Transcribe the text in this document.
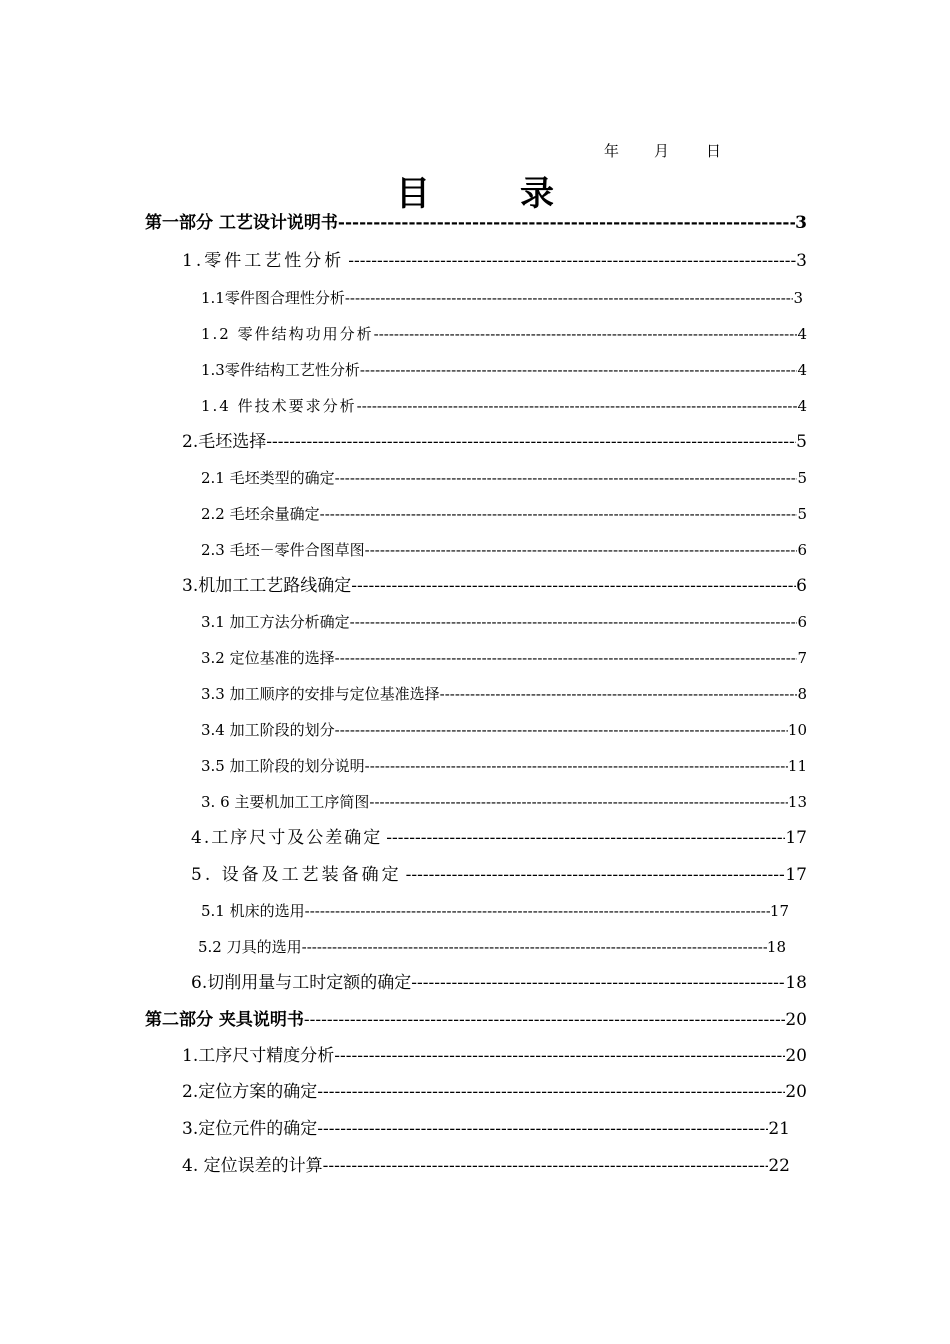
年 月 日
目	录
第一部分 工艺设计说明书 -----	3
1.零件工艺性分析 -----	3
1.1零件图合理性分析 -----	3
1.2 零件结构功用分析 -----	4
1.3零件结构工艺性分析 -----	4
1.4 件技术要求分析 -----	4
2.毛坯选择 -----	5
2.1 毛坯类型的确定 -----	5
2.2 毛坯余量确定 -----	5
2.3 毛坯－零件合图草图 -----	6
3.机加工工艺路线确定 -----	6
3.1 加工方法分析确定 -----	6
3.2 定位基准的选择 -----	7
3.3 加工顺序的安排与定位基准选择 -----	8
3.4 加工阶段的划分 -----	10
3.5 加工阶段的划分说明 -----	11
3. 6 主要机加工工序简图 -----	13
4.工序尺寸及公差确定 -----	17
5. 设备及工艺装备确定 -----	17
5.1 机床的选用 -----	17
5.2 刀具的选用 -----	18
6.切削用量与工时定额的确定 -----	18
第二部分 夹具说明书 -----	20
1.工序尺寸精度分析 -----	20
2.定位方案的确定 -----	20
3.定位元件的确定 -----	21
4. 定位误差的计算 -----	22
